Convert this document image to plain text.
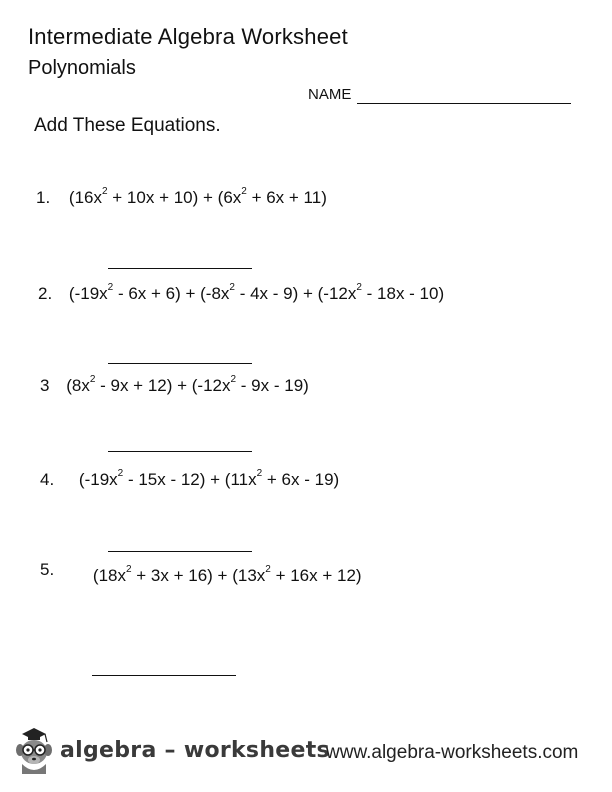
Intermediate Algebra Worksheet
Polynomials
NAME
Add These Equations.
1. $(16x^2 + 10x + 10) + (6x^2 + 6x + 11)$
2. $(-19x^2 - 6x + 6) + (-8x^2 - 4x - 9) + (-12x^2 - 18x - 10)$
3 $(8x^2 - 9x + 12) + (-12x^2 - 9x - 19)$
4. $(-19x^2 - 15x - 12) + (11x^2 + 6x - 19)$
5. $(18x^2 + 3x + 16) + (13x^2 + 16x + 12)$
algebra – worksheets
www.algebra-worksheets.com
